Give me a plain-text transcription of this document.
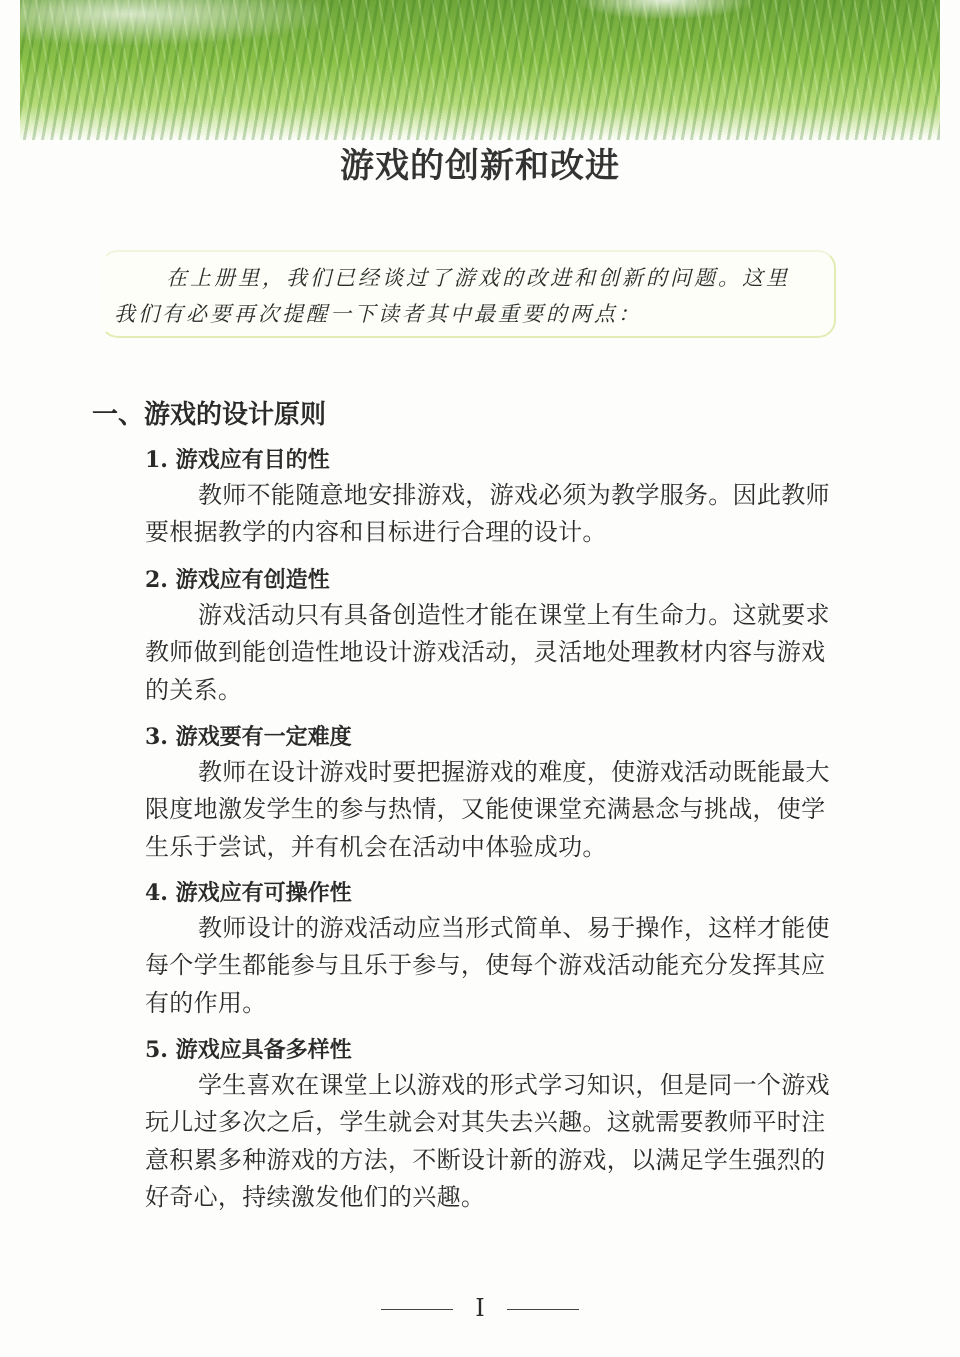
游戏的创新和改进

在上册里，我们已经谈过了游戏的改进和创新的问题。这里

我们有必要再次提醒一下读者其中最重要的两点：

一、游戏的设计原则
1. 游戏应有目的性
教师不能随意地安排游戏，游戏必须为教学服务。因此教师
要根据教学的内容和目标进行合理的设计。
2. 游戏应有创造性
游戏活动只有具备创造性才能在课堂上有生命力。这就要求
教师做到能创造性地设计游戏活动，灵活地处理教材内容与游戏
的关系。
3. 游戏要有一定难度
教师在设计游戏时要把握游戏的难度，使游戏活动既能最大
限度地激发学生的参与热情，又能使课堂充满悬念与挑战，使学
生乐于尝试，并有机会在活动中体验成功。
4. 游戏应有可操作性
教师设计的游戏活动应当形式简单、易于操作，这样才能使
每个学生都能参与且乐于参与，使每个游戏活动能充分发挥其应
有的作用。
5. 游戏应具备多样性
学生喜欢在课堂上以游戏的形式学习知识，但是同一个游戏
玩儿过多次之后，学生就会对其失去兴趣。这就需要教师平时注
意积累多种游戏的方法，不断设计新的游戏，以满足学生强烈的
好奇心，持续激发他们的兴趣。
I
